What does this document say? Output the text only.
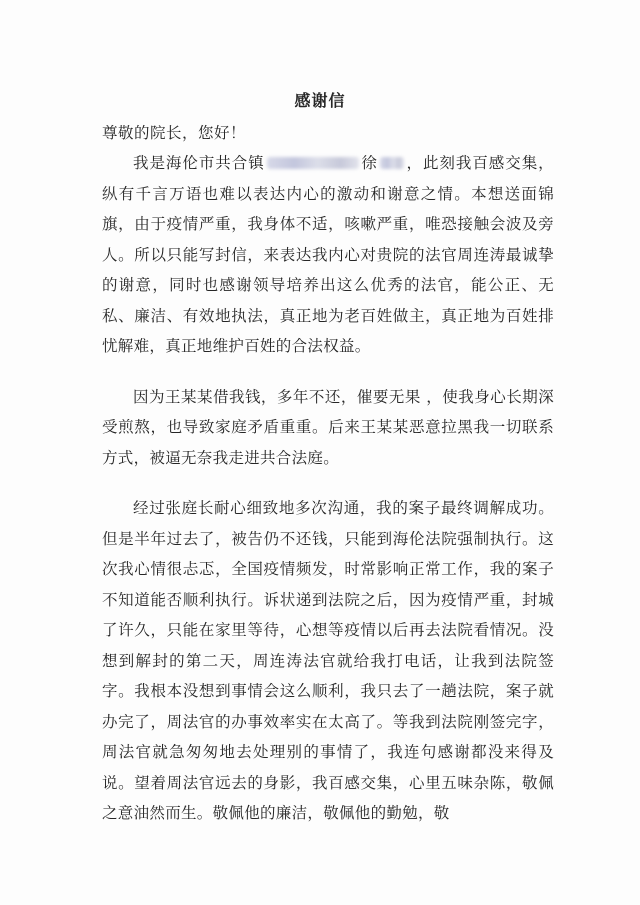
感谢信
尊敬的院长，您好！

我是海伦市共合镇	徐 ，此刻我百感交集，纵有千言万语也难以表达内心的激动和谢意之情。本想送面锦旗，由于疫情严重，我身体不适，咳嗽严重，唯恐接触会波及旁人。所以只能写封信，来表达我内心对贵院的法官周连涛最诚挚的谢意，同时也感谢领导培养出这么优秀的法官，能公正、无私、廉洁、有效地执法，真正地为老百姓做主，真正地为百姓排忧解难，真正地维护百姓的合法权益。

因为王某某借我钱，多年不还，催要无果 ，使我身心长期深受煎熬，也导致家庭矛盾重重。后来王某某恶意拉黑我一切联系方式，被逼无奈我走进共合法庭。

经过张庭长耐心细致地多次沟通，我的案子最终调解成功。但是半年过去了，被告仍不还钱，只能到海伦法院强制执行。这次我心情很忐忑，全国疫情频发，时常影响正常工作，我的案子不知道能否顺利执行。诉状递到法院之后，因为疫情严重，封城了许久，只能在家里等待，心想等疫情以后再去法院看情况。没想到解封的第二天，周连涛法官就给我打电话，让我到法院签字。我根本没想到事情会这么顺利，我只去了一趟法院，案子就办完了，周法官的办事效率实在太高了。等我到法院刚签完字，周法官就急匆匆地去处理别的事情了，我连句感谢都没来得及说。望着周法官远去的身影，我百感交集，心里五味杂陈，敬佩之意油然而生。敬佩他的廉洁，敬佩他的勤勉，敬
